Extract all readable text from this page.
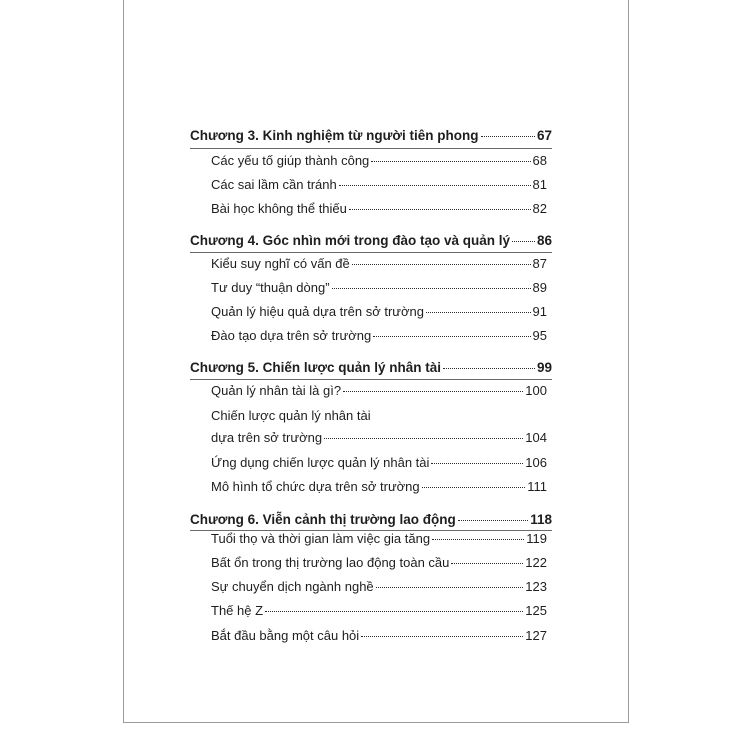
Chương 3. Kinh nghiệm từ người tiên phong	67
Các yếu tố giúp thành công	68
Các sai lầm cần tránh	81
Bài học không thể thiếu	82
Chương 4. Góc nhìn mới trong đào tạo và quản lý 86
Kiểu suy nghĩ có vấn đề	87
Tư duy “thuận dòng”	89
Quản lý hiệu quả dựa trên sở trường	91
Đào tạo dựa trên sở trường	95
Chương 5. Chiến lược quản lý nhân tài	99
Quản lý nhân tài là gì?	100
Chiến lược quản lý nhân tài
dựa trên sở trường	104
Ứng dụng chiến lược quản lý nhân tài	106
Mô hình tổ chức dựa trên sở trường	111
Chương 6. Viễn cảnh thị trường lao động	118
Tuổi thọ và thời gian làm việc gia tăng	119
Bất ổn trong thị trường lao động toàn cầu	122
Sự chuyển dịch ngành nghề	123
Thế hệ Z	125
Bắt đầu bằng một câu hỏi	127
